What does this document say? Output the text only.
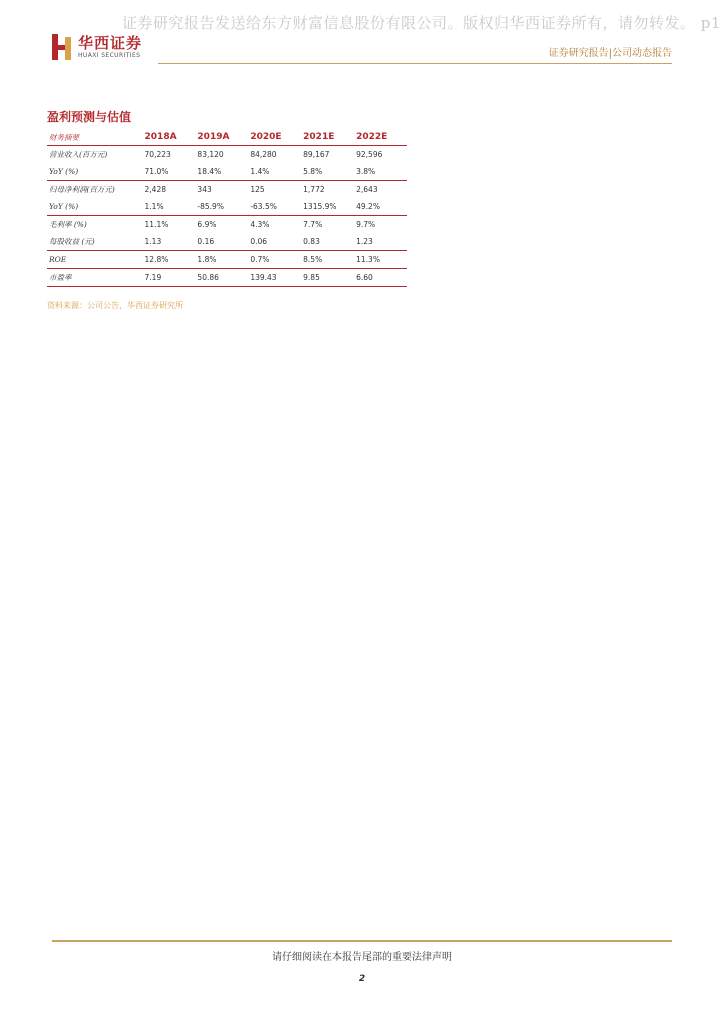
证券研究报告发送给东方财富信息股份有限公司。版权归华西证券所有，请勿转发。 p1
华西证券
HUAXI SECURITIES	证券研究报告|公司动态报告
盈利预测与估值
财务摘要	2018A	2019A	2020E	2021E	2022E
营业收入(百万元)	70,223	83,120	84,280	89,167	92,596
YoY (%)	71.0%	18.4%	1.4%	5.8%	3.8%
归母净利润(百万元)	2,428	343	125	1,772	2,643
YoY (%)	1.1%	-85.9%	-63.5%	1315.9%	49.2%
毛利率 (%)	11.1%	6.9%	4.3%	7.7%	9.7%
每股收益 (元)	1.13	0.16	0.06	0.83	1.23
ROE	12.8%	1.8%	0.7%	8.5%	11.3%
市盈率	7.19	50.86	139.43	9.85	6.60
资料来源：公司公告，华西证券研究所
请仔细阅读在本报告尾部的重要法律声明
2
